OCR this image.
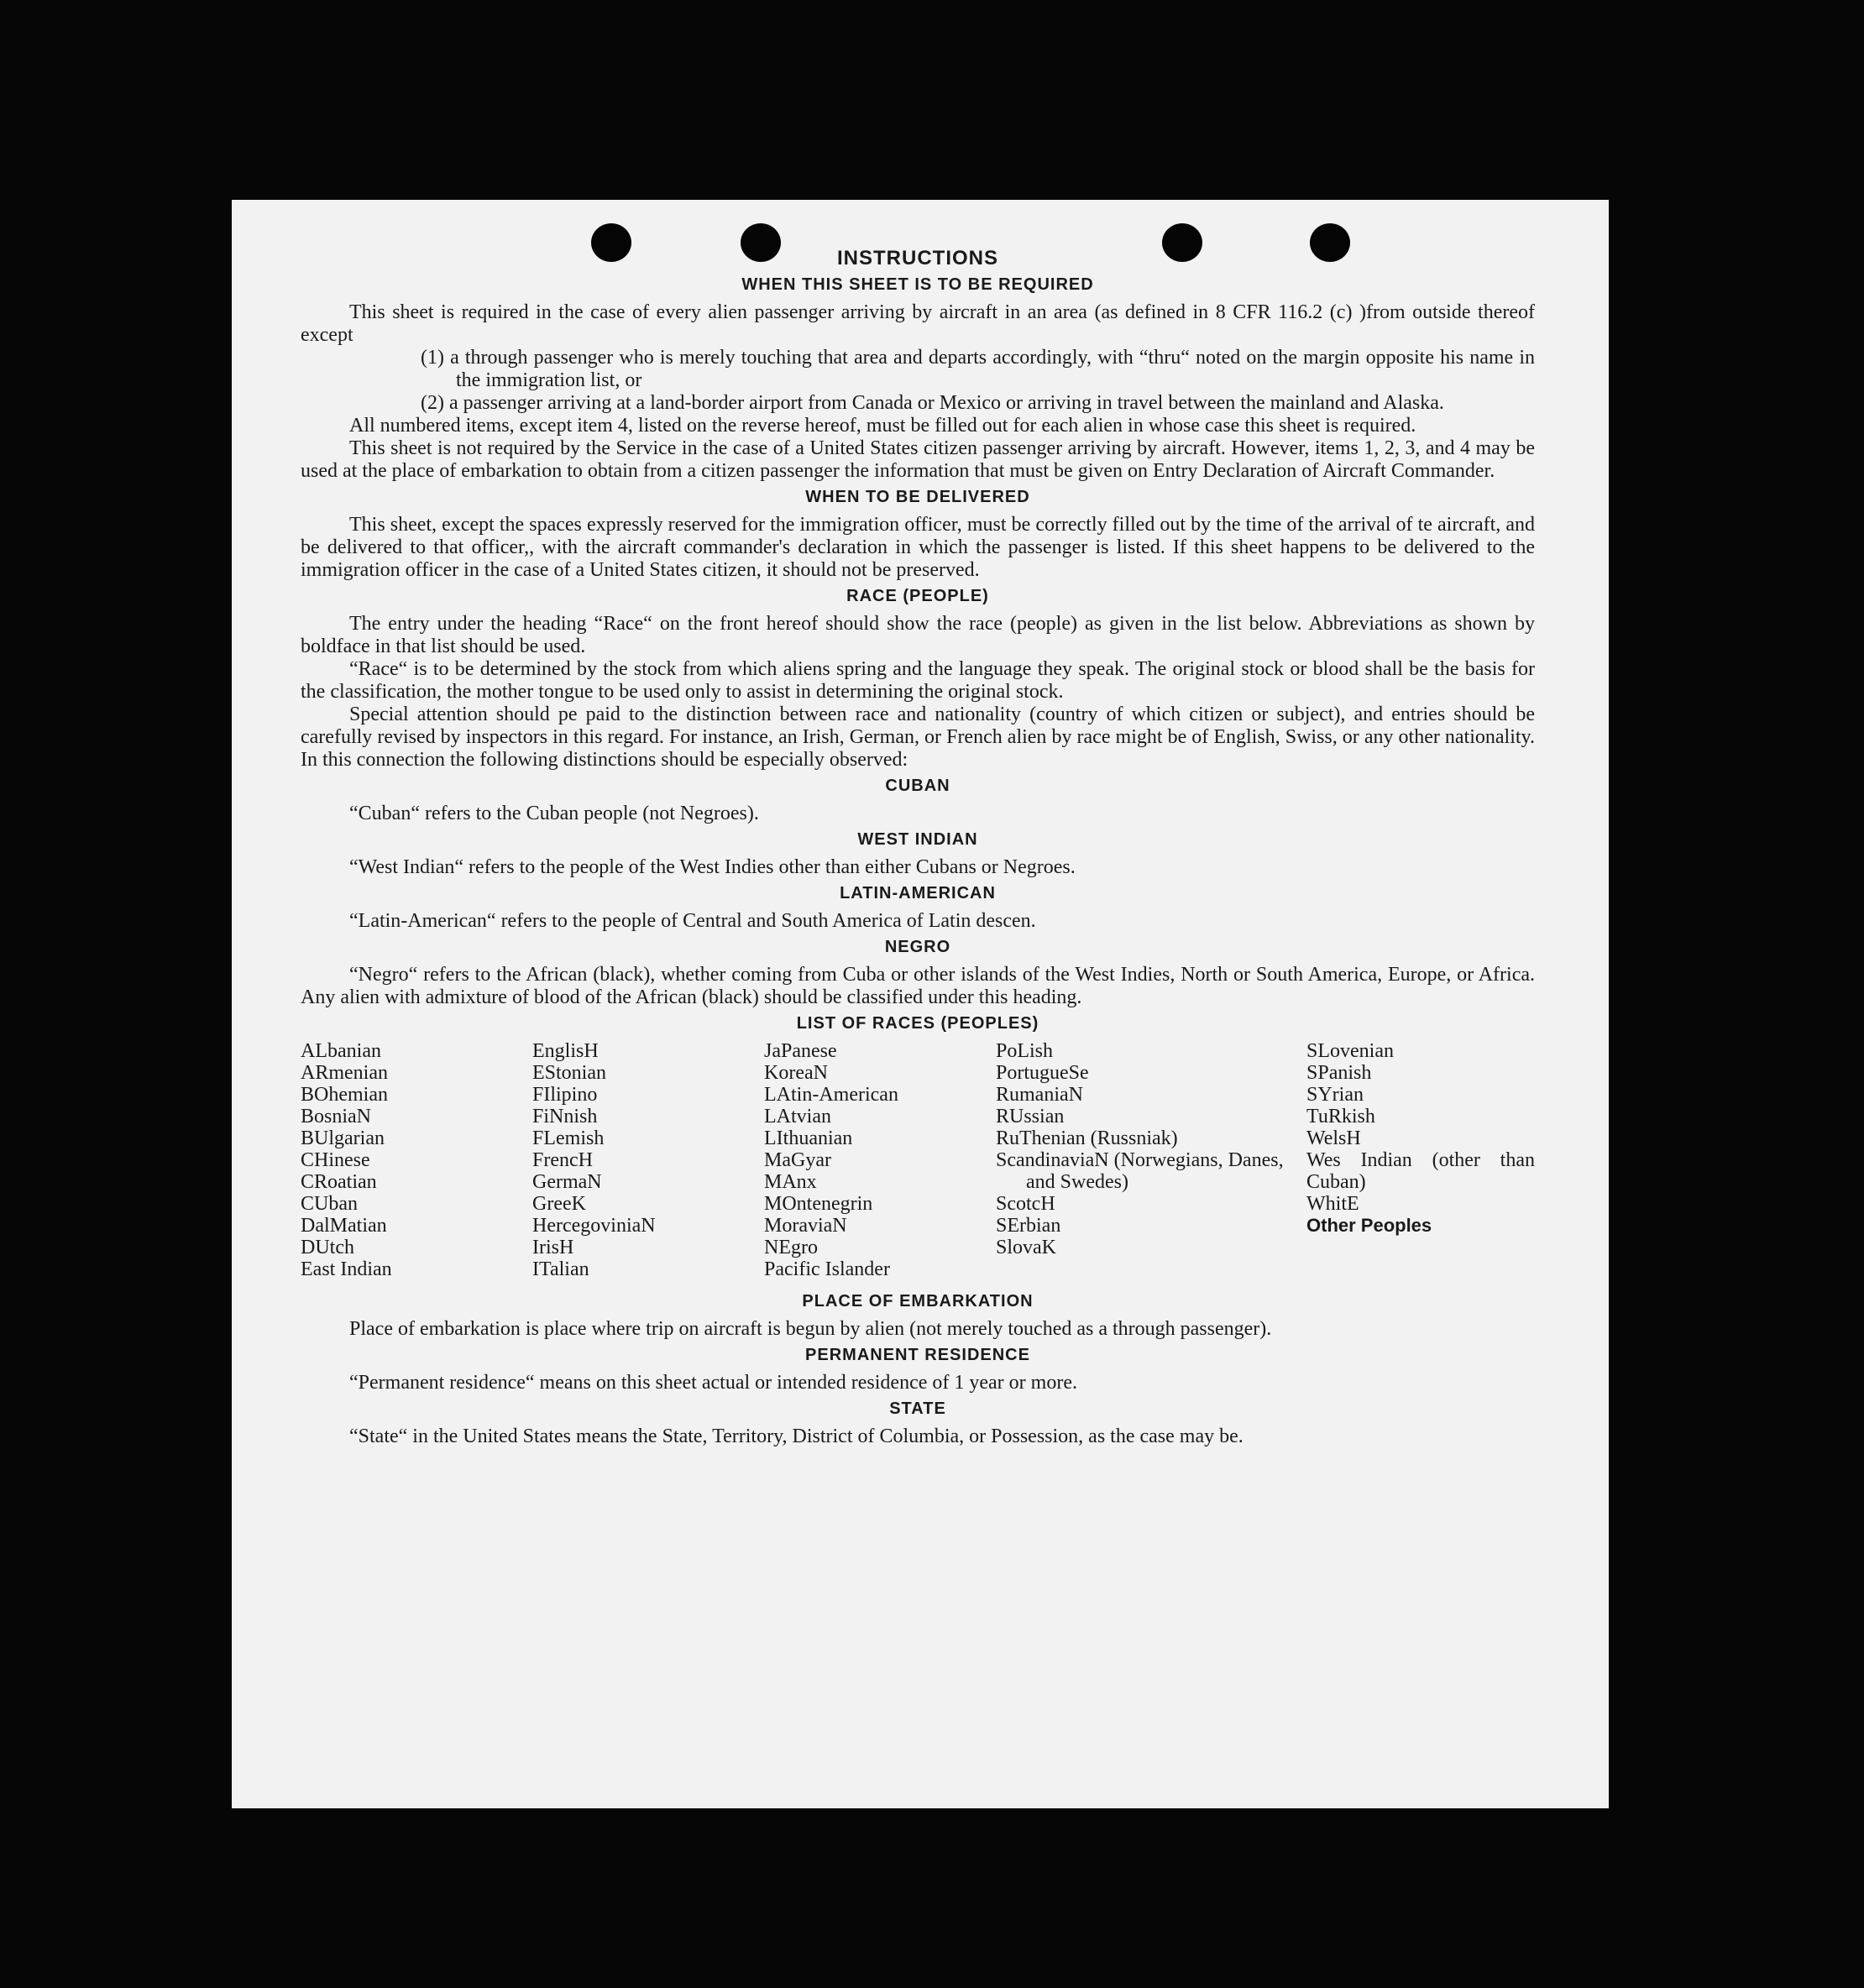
INSTRUCTIONS
WHEN THIS SHEET IS TO BE REQUIRED

This sheet is required in the case of every alien passenger arriving by aircraft in an area (as defined in 8 CFR 116.2 (c) )from outside thereof except

(1) a through passenger who is merely touching that area and departs accordingly, with “thru“ noted on the margin opposite his name in the immigration list, or

(2) a passenger arriving at a land-border airport from Canada or Mexico or arriving in travel between the mainland and Alaska.

All numbered items, except item 4, listed on the reverse hereof, must be filled out for each alien in whose case this sheet is required.

This sheet is not required by the Service in the case of a United States citizen passenger arriving by aircraft. However, items 1, 2, 3, and 4 may be used at the place of embarkation to obtain from a citizen passenger the information that must be given on Entry Declaration of Aircraft Commander.

WHEN TO BE DELIVERED

This sheet, except the spaces expressly reserved for the immigration officer, must be correctly filled out by the time of the arrival of te aircraft, and be delivered to that officer,, with the aircraft commander's declaration in which the passenger is listed. If this sheet happens to be delivered to the immigration officer in the case of a United States citizen, it should not be preserved.

RACE (PEOPLE)

The entry under the heading “Race“ on the front hereof should show the race (people) as given in the list below. Abbreviations as shown by boldface in that list should be used.

“Race“ is to be determined by the stock from which aliens spring and the language they speak. The original stock or blood shall be the basis for the classification, the mother tongue to be used only to assist in determining the original stock.

Special attention should pe paid to the distinction between race and nationality (country of which citizen or subject), and entries should be carefully revised by inspectors in this regard. For instance, an Irish, German, or French alien by race might be of English, Swiss, or any other nationality. In this connection the following distinctions should be especially observed:

CUBAN

“Cuban“ refers to the Cuban people (not Negroes).

WEST INDIAN

“West Indian“ refers to the people of the West Indies other than either Cubans or Negroes.

LATIN-AMERICAN

“Latin-American“ refers to the people of Central and South America of Latin descen.

NEGRO

“Negro“ refers to the African (black), whether coming from Cuba or other islands of the West Indies, North or South America, Europe, or Africa. Any alien with admixture of blood of the African (black) should be classified under this heading.

LIST OF RACES (PEOPLES)
ALbanian
ARmenian
BOhemian
BosniaN
BUlgarian
CHinese
CRoatian
CUban
DalMatian
DUtch
East Indian
EnglisH
EStonian
FIlipino
FiNnish
FLemish
FrencH
GermaN
GreeK
HercegoviniaN
IrisH
ITalian
JaPanese
KoreaN
LAtin-American
LAtvian
LIthuanian
MaGyar
MAnx
MOntenegrin
MoraviaN
NEgro
Pacific Islander
PoLish
PortugueSe
RumaniaN
RUssian
RuThenian (Russniak)
ScandinaviaN (Norwegians, Danes, and Swedes)
ScotcH
SErbian
SlovaK
SLovenian
SPanish
SYrian
TuRkish
WelsH
Wes Indian (other than Cuban)
WhitE
Other Peoples
PLACE OF EMBARKATION

Place of embarkation is place where trip on aircraft is begun by alien (not merely touched as a through passenger).

PERMANENT RESIDENCE

“Permanent residence“ means on this sheet actual or intended residence of 1 year or more.

STATE

“State“ in the United States means the State, Territory, District of Columbia, or Possession, as the case may be.
